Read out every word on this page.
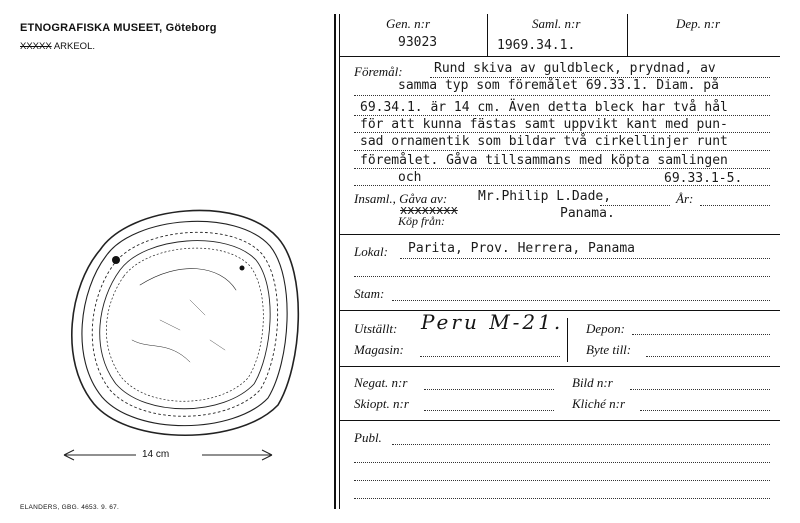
ETNOGRAFISKA MUSEET, Göteborg
XXXXX ARKEOL.
14 cm
ELANDERS, GBG. 4653. 9. 67.
Gen. n:r
93023
Saml. n:r
1969.34.1.
Dep. n:r
Föremål: Rund skiva av guldbleck, prydnad, av
samma typ som föremålet 69.33.1. Diam. på
69.34.1. är 14 cm. Även detta bleck har två hål
för att kunna fästas samt uppvikt kant med pun-
sad ornamentik som bildar två cirkellinjer runt
föremålet. Gåva tillsammans med köpta samlingen
och	69.33.1-5.
Insaml., Gåva av: Mr.Philip L.Dade,	År:
xxxxxxxx
Köp från:	Panama.
Lokal: Parita, Prov. Herrera, Panama
Stam:
Utställt: Peru M-21.
Magasin:
Depon:
Byte till:
Negat. n:r
Skiopt. n:r
Bild n:r
Kliché n:r
Publ.
